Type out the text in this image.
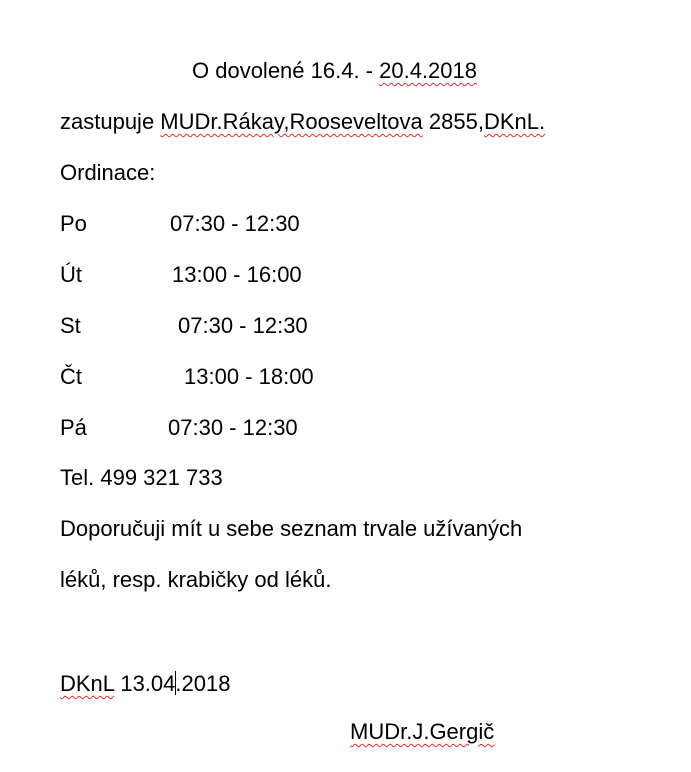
O dovolené 16.4. - 20.4.2018
zastupuje MUDr.Rákay,Rooseveltova 2855,DKnL.
Ordinace:
Po	07:30 - 12:30
Út	13:00 - 16:00
St	07:30 - 12:30
Čt	13:00 - 18:00
Pá	07:30 - 12:30
Tel. 499 321 733
Doporučuji mít u sebe seznam trvale užívaných
léků, resp. krabičky od léků.
DKnL 13.04.2018
MUDr.J.Gergič
